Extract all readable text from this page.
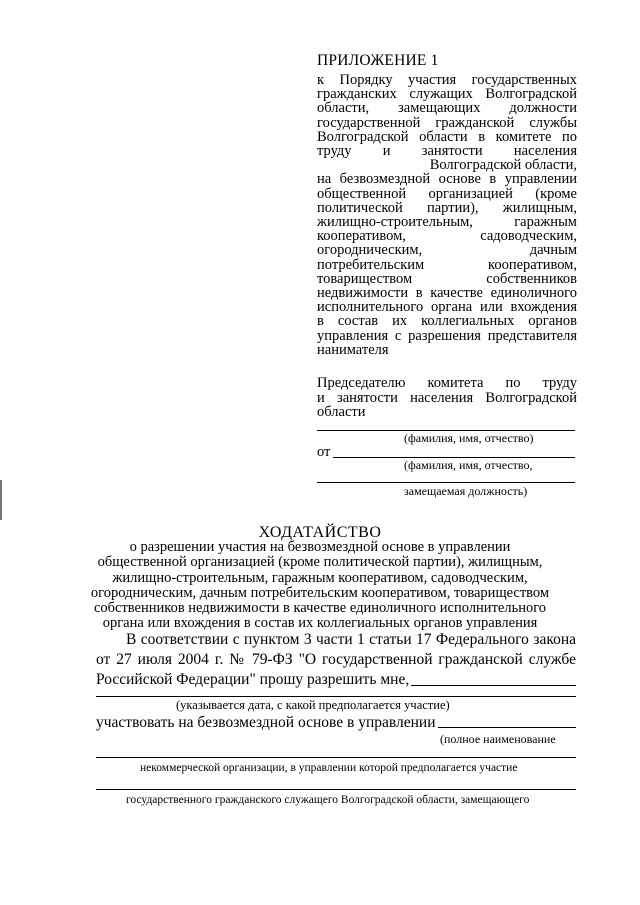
ПРИЛОЖЕНИЕ 1
к Порядку участия государственных
гражданских служащих Волгоградской
области, замещающих должности
государственной гражданской службы
Волгоградской области в комитете по
труду и занятости населения
Волгоградской области,
на безвозмездной основе в управлении
общественной организацией (кроме
политической партии), жилищным,
жилищно-строительным, гаражным
кооперативом, садоводческим,
огородническим, дачным
потребительским кооперативом,
товариществом собственников
недвижимости в качестве единоличного
исполнительного органа или вхождения
в состав их коллегиальных органов
управления с разрешения представителя
нанимателя
Председателю комитета по труду
и занятости населения Волгоградской
области
(фамилия, имя, отчество)
от
(фамилия, имя, отчество,
замещаемая должность)
ХОДАТАЙСТВО
о разрешении участия на безвозмездной основе в управлении
общественной организацией (кроме политической партии), жилищным,
жилищно-строительным, гаражным кооперативом, садоводческим,
огородническим, дачным потребительским кооперативом, товариществом
собственников недвижимости в качестве единоличного исполнительного
органа или вхождения в состав их коллегиальных органов управления
В соответствии с пунктом 3 части 1 статьи 17 Федерального закона
от 27 июля 2004 г. № 79-ФЗ "О государственной гражданской службе
Российской Федерации" прошу разрешить мне,
(указывается дата, с какой предполагается участие)
участвовать на безвозмездной основе в управлении
(полное наименование
некоммерческой организации, в управлении которой предполагается участие
государственного гражданского служащего Волгоградской области, замещающего
